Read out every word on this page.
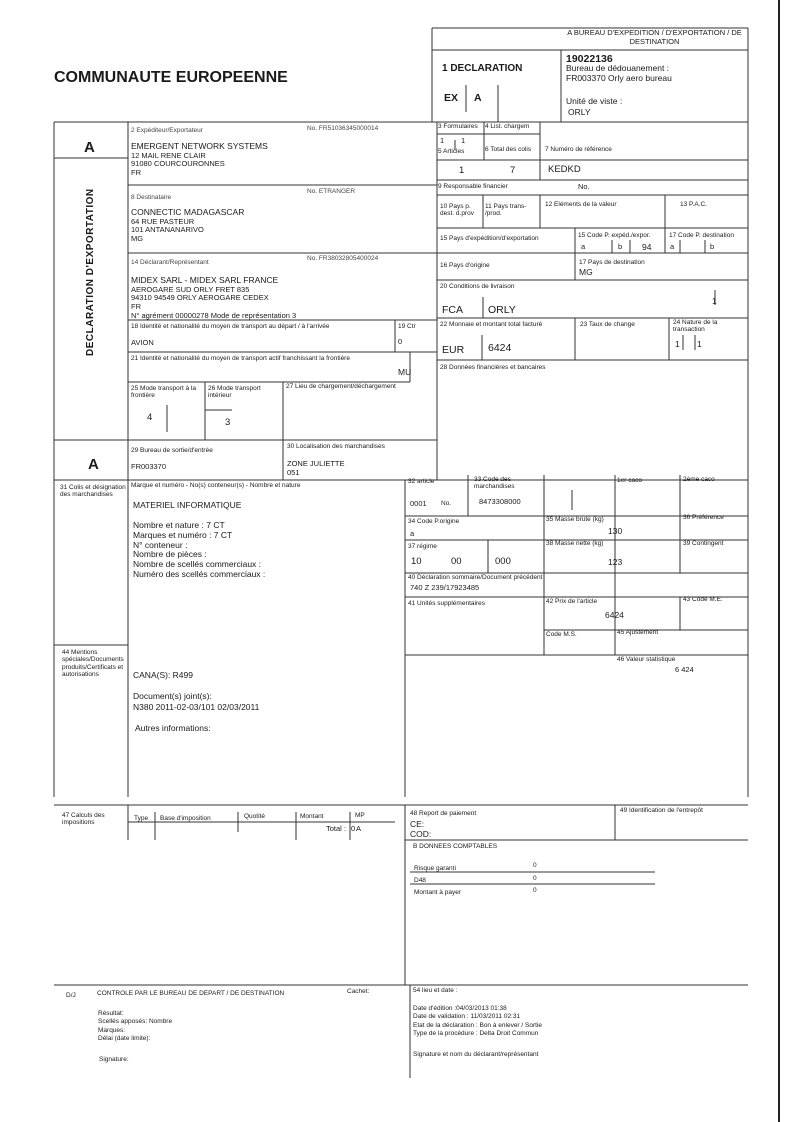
COMMUNAUTE EUROPEENNE
A BUREAU D'EXPEDITION / D'EXPORTATION / DE DESTINATION
1 DECLARATION
EX A
19022136
Bureau de dédouanement :
FR003370 Orly aero bureau
Unité de viste :
ORLY
A
DECLARATION D'EXPORTATION
A
2 Expéditeur/Exportateur	No. FR51036345000014
EMERGENT NETWORK SYSTEMS
12 MAIL RENE CLAIR
91080 COURCOURONNES
FR
3 Formulaires
1 1
4 List. chargem
5 Articles
1
6 Total des colis
7
7 Numéro de référence
KEDKD
8 Destinataire
No. ETRANGER
CONNECTIC MADAGASCAR
64 RUE PASTEUR
101 ANTANANARIVO
MG
9 Responsable financier	No.
10 Pays p. dest. d.prov
11 Pays trans- /prod.
12 Eléments de la valeur	13 P.A.C.
14 Déclarant/Représentant
No. FR38032805400024
MIDEX SARL - MIDEX SARL FRANCE
AEROGARE SUD ORLY FRET 835
94310 94549 ORLY AEROGARE CEDEX
FR
N° agrément 00000278 Mode de représentation 3
15 Pays d'expédition/d'exportation	15 Code P. expéd./expor.
a	b 94
17 Code P. destination
a	b
16 Pays d'origine	17 Pays de destination
MG
18 Identité et nationalité du moyen de transport au départ / à l'arrivée
AVION
19 Ctr
0
20 Conditions de livraison
FCA ORLY
1
21 Identité et nationalité du moyen de transport actif franchissant la frontière
MU
22 Monnaie et montant total facturé
EUR 6424
23 Taux de change	24 Nature de la transaction
1 1
28 Données financières et bancaires
25 Mode transport à la frontière
4
26 Mode transport intérieur
3
27 Lieu de chargement/déchargement
29 Bureau de sortie/d'entrée
FR003370
30 Localisation des marchandises
ZONE JULIETTE
051
31 Colis et désignation des marchandises
Marque et numéro - No(s) conteneur(s) - Nombre et nature
MATERIEL INFORMATIQUE
Nombre et nature : 7 CT
Marques et numéro : 7 CT
N° conteneur :
Nombre de pièces :
Nombre de scellés commerciaux :
Numéro des scellés commerciaux :
32 article
0001 No.
33 Code des marchandises
8473308000
1er caco	2ème caco
34 Code P.origine
a
35 Masse brute (kg)
130
36 Préférence
37 régime
10	00	000
38 Masse nette (kg)
123
39 Contingent
40 Déclaration sommaire/Document précédent
740 Z 239/17923485
41 Unités supplémentaires	42 Prix de l'article
6424
43 Code M.E.
Code M.S.	45 Ajustement
46 Valeur statistique
6 424
44 Mentions spéciales/Documents produits/Certificats et autorisations	CANA(S): R499
Document(s) joint(s):
N380 2011-02-03/101 02/03/2011
Autres informations:
47 Calculs des impositions
Type Base d'imposition	Quotité	Montant	MP
Total : 0 A
48 Report de paiement
CE:
COD:
49 Identification de l'entrepôt
B DONNEES COMPTABLES
Risque garanti	0
D48	0
Montant à payer	0
D/J	CONTROLE PAR LE BUREAU DE DEPART / DE DESTINATION	Cachet:
Résultat:
Scellés apposés: Nombre
Marques:
Délai (date limite):
Signature:
54 lieu et date :
Date d'édition :04/03/2013 01:38
Date de validation : 11/03/2011 02:31
Etat de la déclaration : Bon à enlever / Sortie
Type de la procédure : Delta Droit Commun
Signature et nom du déclarant/représentant
